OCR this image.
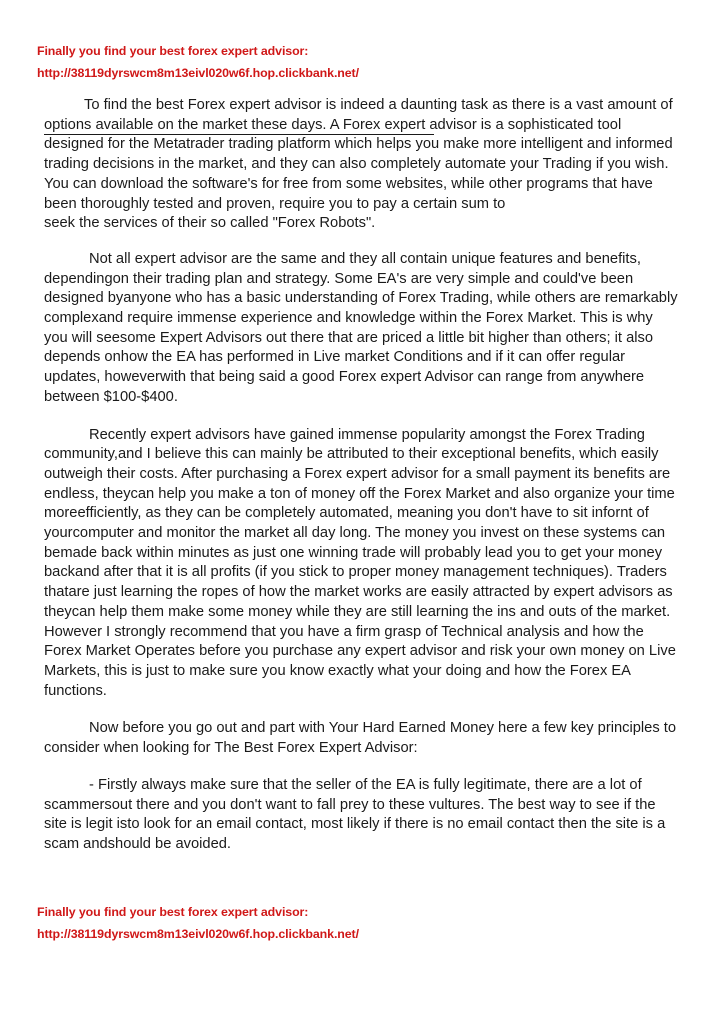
Finally you find your best forex expert advisor:
http://38119dyrswcm8m13eivl020w6f.hop.clickbank.net/
To find the best Forex expert advisor is indeed a daunting task as there is a vast amount of
options available on the market these days. A Forex expert advisor is a sophisticated tool
designed for the Metatrader trading platform which helps you make more intelligent and informed
trading decisions in the market, and they can also completely automate your Trading if you wish.
You can download the software's for free from some websites, while other programs that have
been thoroughly tested and proven, require you to pay a certain sum to
seek the services of their so called "Forex Robots".
Not all expert advisor are the same and they all contain unique features and benefits,
dependingon their trading plan and strategy. Some EA's are very simple and could've been
designed byanyone who has a basic understanding of Forex Trading, while others are remarkably
complexand require immense experience and knowledge within the Forex Market. This is why
you will seesome Expert Advisors out there that are priced a little bit higher than others; it also
depends onhow the EA has performed in Live market Conditions and if it can offer regular
updates, howeverwith that being said a good Forex expert Advisor can range from anywhere
between $100-$400.
Recently expert advisors have gained immense popularity amongst the Forex Trading
community,and I believe this can mainly be attributed to their exceptional benefits, which easily
outweigh their costs. After purchasing a Forex expert advisor for a small payment its benefits are
endless, theycan help you make a ton of money off the Forex Market and also organize your time
moreefficiently, as they can be completely automated, meaning you don't have to sit infornt of
yourcomputer and monitor the market all day long. The money you invest on these systems can
bemade back within minutes as just one winning trade will probably lead you to get your money
backand after that it is all profits (if you stick to proper money management techniques). Traders
thatare just learning the ropes of how the market works are easily attracted by expert advisors as
theycan help them make some money while they are still learning the ins and outs of the market.
However I strongly recommend that you have a firm grasp of Technical analysis and how the
Forex Market Operates before you purchase any expert advisor and risk your own money on Live
Markets, this is just to make sure you know exactly what your doing and how the Forex EA
functions.
Now before you go out and part with Your Hard Earned Money here a few key principles to
consider when looking for The Best Forex Expert Advisor:
- Firstly always make sure that the seller of the EA is fully legitimate, there are a lot of
scammersout there and you don't want to fall prey to these vultures. The best way to see if the
site is legit isto look for an email contact, most likely if there is no email contact then the site is a
scam andshould be avoided.
Finally you find your best forex expert advisor:
http://38119dyrswcm8m13eivl020w6f.hop.clickbank.net/
